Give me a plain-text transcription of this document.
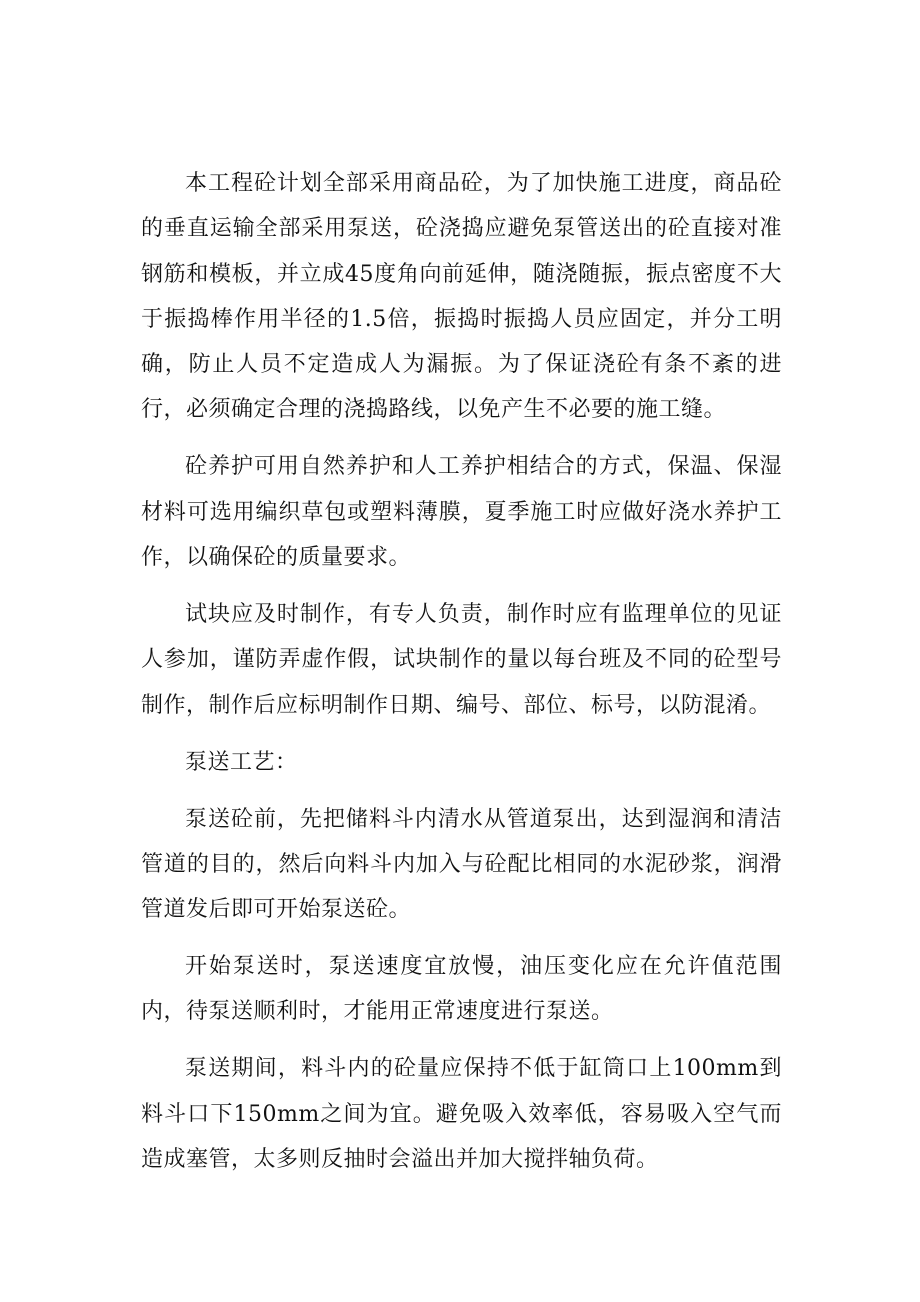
本工程砼计划全部采用商品砼，为了加快施工进度，商品砼的垂直运输全部采用泵送，砼浇捣应避免泵管送出的砼直接对准钢筋和模板，并立成45度角向前延伸，随浇随振，振点密度不大于振捣棒作用半径的1.5倍，振捣时振捣人员应固定，并分工明确，防止人员不定造成人为漏振。为了保证浇砼有条不紊的进行，必须确定合理的浇捣路线，以免产生不必要的施工缝。

砼养护可用自然养护和人工养护相结合的方式，保温、保湿材料可选用编织草包或塑料薄膜，夏季施工时应做好浇水养护工作，以确保砼的质量要求。

试块应及时制作，有专人负责，制作时应有监理单位的见证人参加，谨防弄虚作假，试块制作的量以每台班及不同的砼型号制作，制作后应标明制作日期、编号、部位、标号，以防混淆。

泵送工艺：

泵送砼前，先把储料斗内清水从管道泵出，达到湿润和清洁管道的目的，然后向料斗内加入与砼配比相同的水泥砂浆，润滑管道发后即可开始泵送砼。

开始泵送时，泵送速度宜放慢，油压变化应在允许值范围内，待泵送顺利时，才能用正常速度进行泵送。

泵送期间，料斗内的砼量应保持不低于缸筒口上100mm到料斗口下150mm之间为宜。避免吸入效率低，容易吸入空气而造成塞管，太多则反抽时会溢出并加大搅拌轴负荷。
